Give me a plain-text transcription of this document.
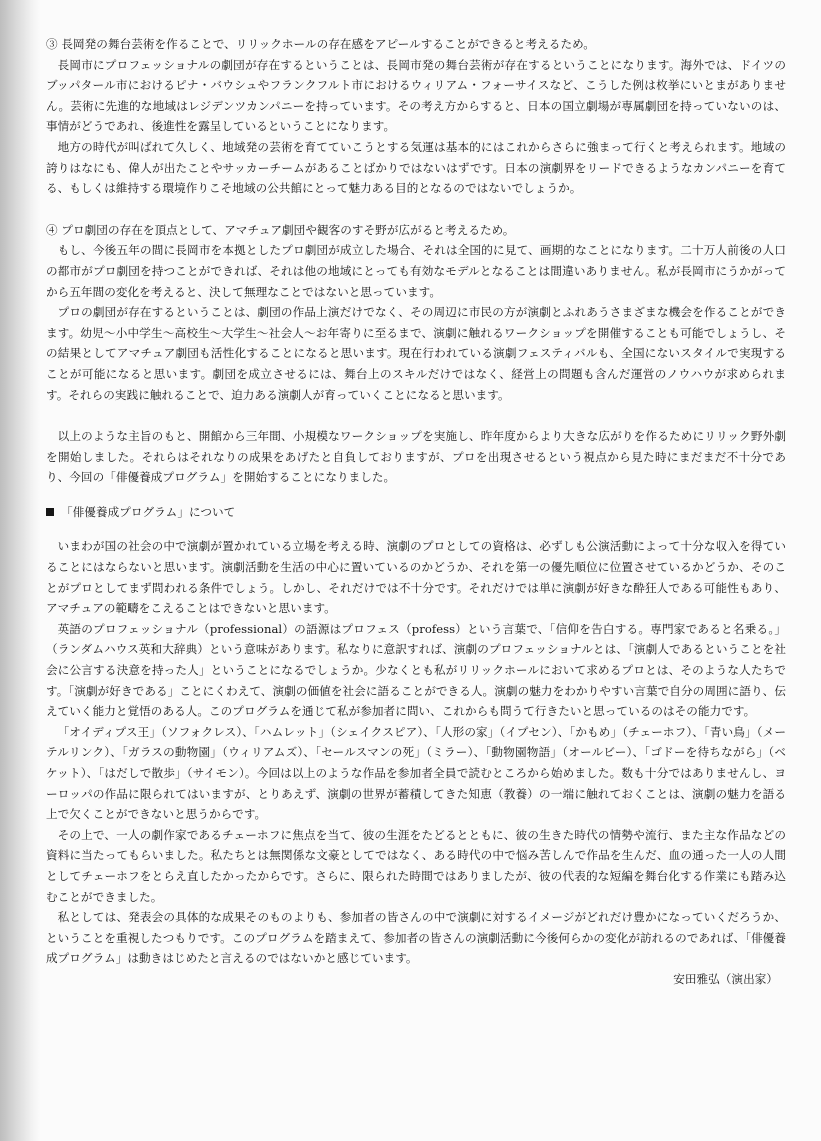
③ 長岡発の舞台芸術を作ることで、リリックホールの存在感をアピールすることができると考えるため。

長岡市にプロフェッショナルの劇団が存在するということは、長岡市発の舞台芸術が存在するということになります。海外では、ドイツのブッパタール市におけるピナ・バウシュやフランクフルト市におけるウィリアム・フォーサイスなど、こうした例は枚挙にいとまがありません。芸術に先進的な地域はレジデンツカンパニーを持っています。その考え方からすると、日本の国立劇場が専属劇団を持っていないのは、事情がどうであれ、後進性を露呈しているということになります。

地方の時代が叫ばれて久しく、地域発の芸術を育てていこうとする気運は基本的にはこれからさらに強まって行くと考えられます。地域の誇りはなにも、偉人が出たことやサッカーチームがあることばかりではないはずです。日本の演劇界をリードできるようなカンパニーを育てる、もしくは維持する環境作りこそ地域の公共館にとって魅力ある目的となるのではないでしょうか。

④ プロ劇団の存在を頂点として、アマチュア劇団や観客のすそ野が広がると考えるため。

もし、今後五年の間に長岡市を本拠としたプロ劇団が成立した場合、それは全国的に見て、画期的なことになります。二十万人前後の人口の都市がプロ劇団を持つことができれば、それは他の地域にとっても有効なモデルとなることは間違いありません。私が長岡市にうかがってから五年間の変化を考えると、決して無理なことではないと思っています。

プロの劇団が存在するということは、劇団の作品上演だけでなく、その周辺に市民の方が演劇とふれあうさまざまな機会を作ることができます。幼児～小中学生～高校生～大学生～社会人～お年寄りに至るまで、演劇に触れるワークショップを開催することも可能でしょうし、その結果としてアマチュア劇団も活性化することになると思います。現在行われている演劇フェスティバルも、全国にないスタイルで実現することが可能になると思います。劇団を成立させるには、舞台上のスキルだけではなく、経営上の問題も含んだ運営のノウハウが求められます。それらの実践に触れることで、迫力ある演劇人が育っていくことになると思います。

以上のような主旨のもと、開館から三年間、小規模なワークショップを実施し、昨年度からより大きな広がりを作るためにリリック野外劇を開始しました。それらはそれなりの成果をあげたと自負しておりますが、プロを出現させるという視点から見た時にまだまだ不十分であり、今回の「俳優養成プログラム」を開始することになりました。

「俳優養成プログラム」について

いまわが国の社会の中で演劇が置かれている立場を考える時、演劇のプロとしての資格は、必ずしも公演活動によって十分な収入を得ていることにはならないと思います。演劇活動を生活の中心に置いているのかどうか、それを第一の優先順位に位置させているかどうか、そのことがプロとしてまず問われる条件でしょう。しかし、それだけでは不十分です。それだけでは単に演劇が好きな酔狂人である可能性もあり、アマチュアの範疇をこえることはできないと思います。

英語のプロフェッショナル（professional）の語源はプロフェス（profess）という言葉で、「信仰を告白する。専門家であると名乗る。」（ランダムハウス英和大辞典）という意味があります。私なりに意訳すれば、演劇のプロフェッショナルとは、「演劇人であるということを社会に公言する決意を持った人」ということになるでしょうか。少なくとも私がリリックホールにおいて求めるプロとは、そのような人たちです。「演劇が好きである」ことにくわえて、演劇の価値を社会に語ることができる人。演劇の魅力をわかりやすい言葉で自分の周囲に語り、伝えていく能力と覚悟のある人。このプログラムを通じて私が参加者に問い、これからも問うて行きたいと思っているのはその能力です。

「オイディプス王」（ソフォクレス）、「ハムレット」（シェイクスピア）、「人形の家」（イプセン）、「かもめ」（チェーホフ）、「青い鳥」（メーテルリンク）、「ガラスの動物園」（ウィリアムズ）、「セールスマンの死」（ミラー）、「動物園物語」（オールビー）、「ゴドーを待ちながら」（ベケット）、「はだしで散歩」（サイモン）。今回は以上のような作品を参加者全員で読むところから始めました。数も十分ではありませんし、ヨーロッパの作品に限られてはいますが、とりあえず、演劇の世界が蓄積してきた知恵（教養）の一端に触れておくことは、演劇の魅力を語る上で欠くことができないと思うからです。

その上で、一人の劇作家であるチェーホフに焦点を当て、彼の生涯をたどるとともに、彼の生きた時代の情勢や流行、また主な作品などの資料に当たってもらいました。私たちとは無関係な文豪としてではなく、ある時代の中で悩み苦しんで作品を生んだ、血の通った一人の人間としてチェーホフをとらえ直したかったからです。さらに、限られた時間ではありましたが、彼の代表的な短編を舞台化する作業にも踏み込むことができました。

私としては、発表会の具体的な成果そのものよりも、参加者の皆さんの中で演劇に対するイメージがどれだけ豊かになっていくだろうか、ということを重視したつもりです。このプログラムを踏まえて、参加者の皆さんの演劇活動に今後何らかの変化が訪れるのであれば、「俳優養成プログラム」は動きはじめたと言えるのではないかと感じています。

安田雅弘（演出家）
